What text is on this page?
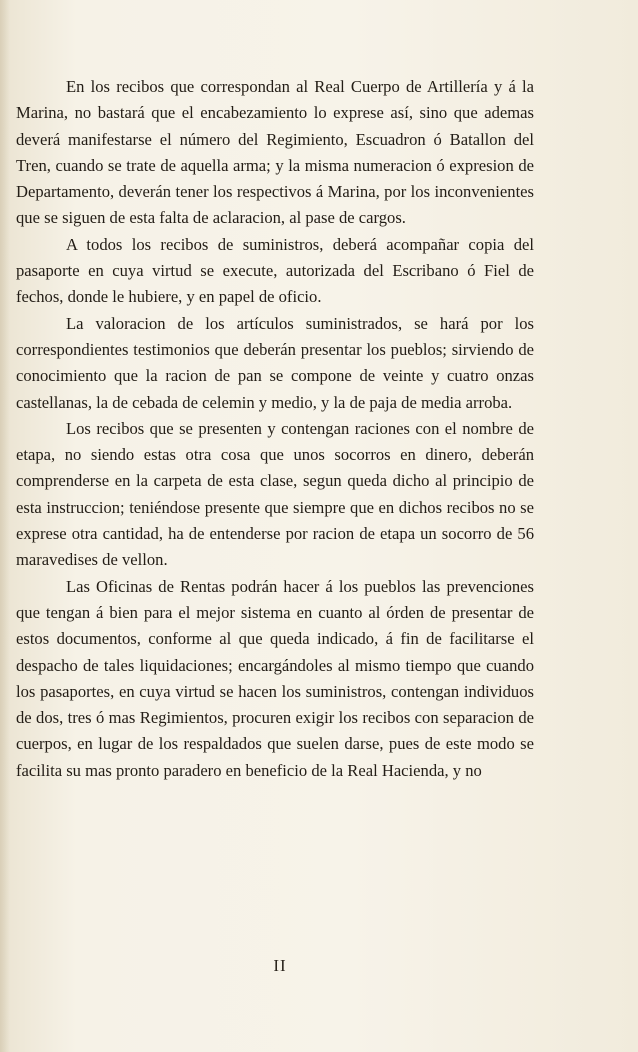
En los recibos que correspondan al Real Cuerpo de Artillería y á la Marina, no bastará que el encabezamiento lo exprese así, sino que ademas deverá manifestarse el número del Regimiento, Escuadron ó Batallon del Tren, cuando se trate de aquella arma; y la misma numeracion ó expresion de Departamento, deverán tener los respectivos á Marina, por los inconvenientes que se siguen de esta falta de aclaracion, al pase de cargos.

A todos los recibos de suministros, deberá acompañar copia del pasaporte en cuya virtud se execute, autorizada del Escribano ó Fiel de fechos, donde le hubiere, y en papel de oficio.

La valoracion de los artículos suministrados, se hará por los correspondientes testimonios que deberán presentar los pueblos; sirviendo de conocimiento que la racion de pan se compone de veinte y cuatro onzas castellanas, la de cebada de celemin y medio, y la de paja de media arroba.

Los recibos que se presenten y contengan raciones con el nombre de etapa, no siendo estas otra cosa que unos socorros en dinero, deberán comprenderse en la carpeta de esta clase, segun queda dicho al principio de esta instruccion; teniéndose presente que siempre que en dichos recibos no se exprese otra cantidad, ha de entenderse por racion de etapa un socorro de 56 maravedises de vellon.

Las Oficinas de Rentas podrán hacer á los pueblos las prevenciones que tengan á bien para el mejor sistema en cuanto al órden de presentar de estos documentos, conforme al que queda indicado, á fin de facilitarse el despacho de tales liquidaciones; encargándoles al mismo tiempo que cuando los pasaportes, en cuya virtud se hacen los suministros, contengan individuos de dos, tres ó mas Regimientos, procuren exigir los recibos con separacion de cuerpos, en lugar de los respaldados que suelen darse, pues de este modo se facilita su mas pronto paradero en beneficio de la Real Hacienda, y no

II
